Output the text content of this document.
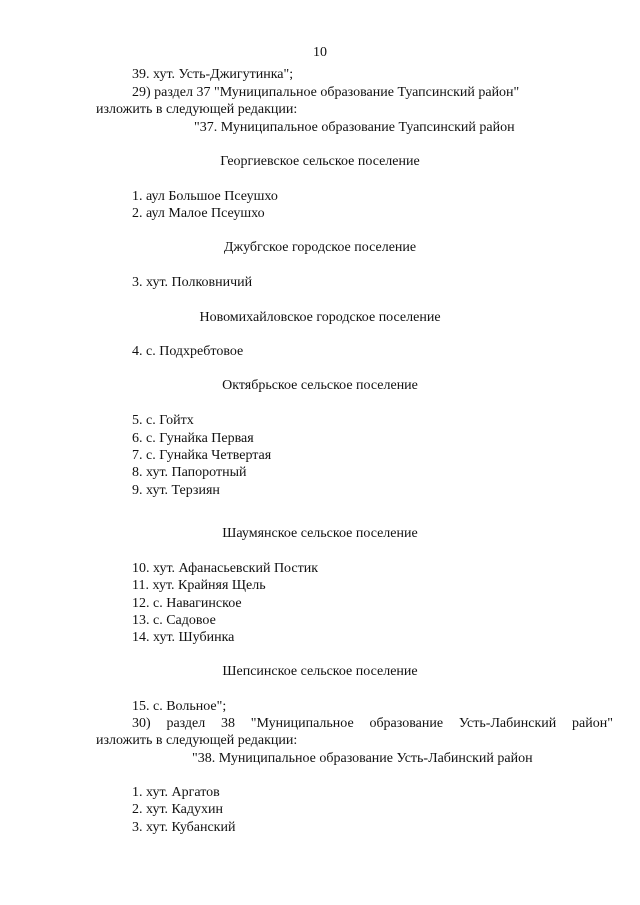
10
39. хут. Усть-Джигутинка";
29) раздел 37 "Муниципальное образование Туапсинский район"
изложить в следующей редакции:
"37. Муниципальное образование Туапсинский район
Георгиевское сельское поселение
1. аул Большое Псеушхо
2. аул Малое Псеушхо
Джубгское городское поселение
3. хут. Полковничий
Новомихайловское городское поселение
4. с. Подхребтовое
Октябрьское сельское поселение
5. с. Гойтх
6. с. Гунайка Первая
7. с. Гунайка Четвертая
8. хут. Папоротный
9. хут. Терзиян
Шаумянское сельское поселение
10. хут. Афанасьевский Постик
11. хут. Крайняя Щель
12. с. Навагинское
13. с. Садовое
14. хут. Шубинка
Шепсинское сельское поселение
15. с. Вольное";
30) раздел 38 "Муниципальное образование Усть-Лабинский район"
изложить в следующей редакции:
"38. Муниципальное образование Усть-Лабинский район
1. хут. Аргатов
2. хут. Кадухин
3. хут. Кубанский
